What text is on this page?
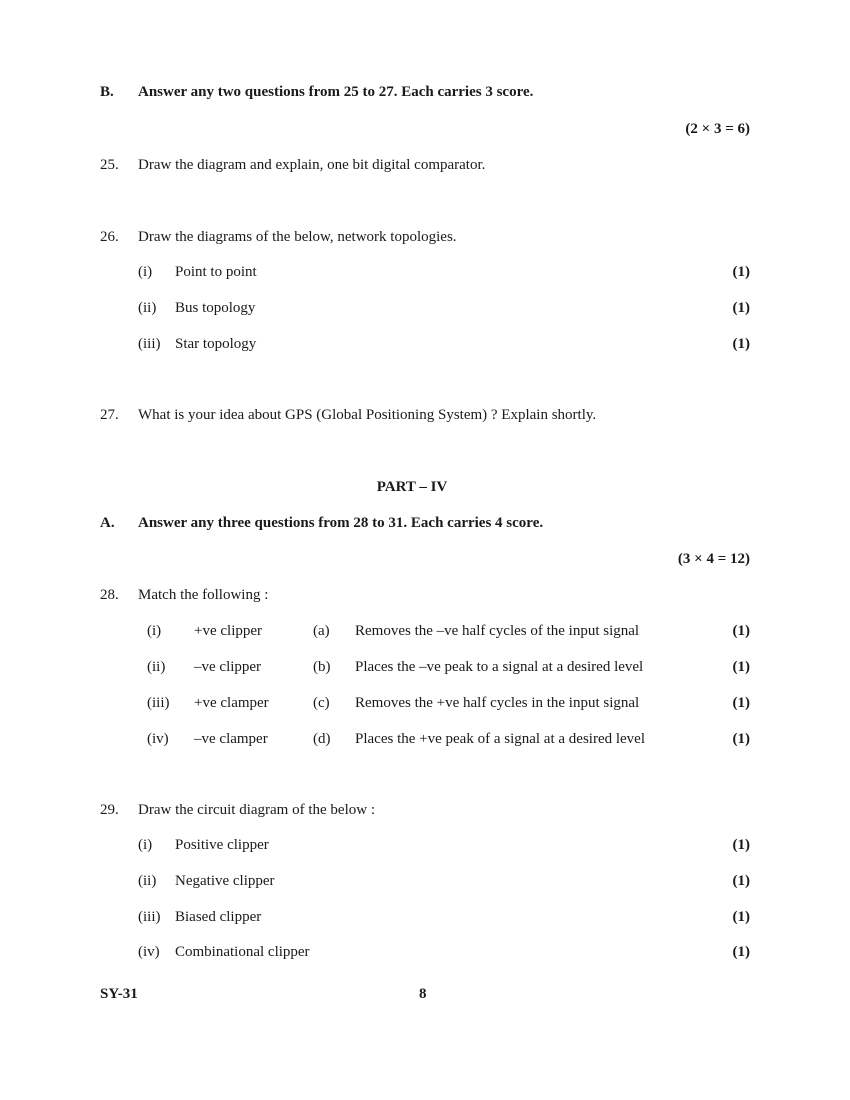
B. Answer any two questions from 25 to 27. Each carries 3 score.
(2 × 3 = 6)
25. Draw the diagram and explain, one bit digital comparator.
26. Draw the diagrams of the below, network topologies.
(i) Point to point	(1)
(ii) Bus topology	(1)
(iii) Star topology	(1)
27. What is your idea about GPS (Global Positioning System) ? Explain shortly.
PART – IV
A. Answer any three questions from 28 to 31. Each carries 4 score.
(3 × 4 = 12)
28. Match the following :
(i) +ve clipper	(a) Removes the –ve half cycles of the input signal	(1)
(ii) –ve clipper	(b) Places the –ve peak to a signal at a desired level	(1)
(iii) +ve clamper	(c) Removes the +ve half cycles in the input signal	(1)
(iv) –ve clamper	(d) Places the +ve peak of a signal at a desired level	(1)
29. Draw the circuit diagram of the below :
(i) Positive clipper	(1)
(ii) Negative clipper	(1)
(iii) Biased clipper	(1)
(iv) Combinational clipper	(1)
SY-31	8
